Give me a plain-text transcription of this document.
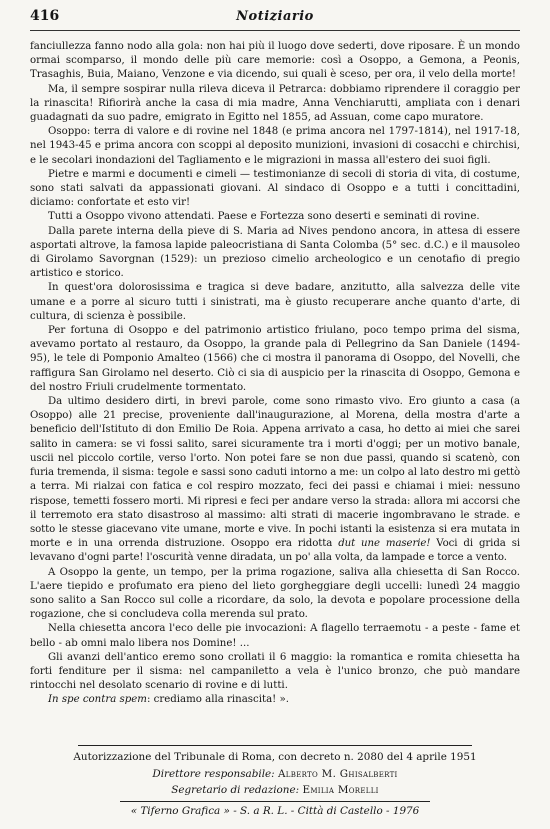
416	Notiziario

fanciullezza fanno nodo alla gola: non hai più il luogo dove sederti, dove riposare. È un mondo ormai scomparso, il mondo delle più care memorie: così a Osoppo, a Gemona, a Peonis, Trasaghis, Buia, Maiano, Venzone e via dicendo, sui quali è sceso, per ora, il velo della morte!

Ma, il sempre sospirar nulla rileva diceva il Petrarca: dobbiamo riprendere il coraggio per la rinascita! Rifiorirà anche la casa di mia madre, Anna Venchiarutti, ampliata con i denari guadagnati da suo padre, emigrato in Egitto nel 1855, ad Assuan, come capo muratore.

Osoppo: terra di valore e di rovine nel 1848 (e prima ancora nel 1797-1814), nel 1917-18, nel 1943-45 e prima ancora con scoppi al deposito munizioni, invasioni di cosacchi e chirchisi, e le secolari inondazioni del Tagliamento e le migrazioni in massa all'estero dei suoi figli.

Pietre e marmi e documenti e cimeli — testimonianze di secoli di storia di vita, di costume, sono stati salvati da appassionati giovani. Al sindaco di Osoppo e a tutti i concittadini, diciamo: confortate et esto vir!

Tutti a Osoppo vivono attendati. Paese e Fortezza sono deserti e seminati di rovine.

Dalla parete interna della pieve di S. Maria ad Nives pendono ancora, in attesa di essere asportati altrove, la famosa lapide paleocristiana di Santa Colomba (5° sec. d.C.) e il mausoleo di Girolamo Savorgnan (1529): un prezioso cimelio archeologico e un cenotafio di pregio artistico e storico.

In quest'ora dolorosissima e tragica si deve badare, anzitutto, alla salvezza delle vite umane e a porre al sicuro tutti i sinistrati, ma è giusto recuperare anche quanto d'arte, di cultura, di scienza è possibile.

Per fortuna di Osoppo e del patrimonio artistico friulano, poco tempo prima del sisma, avevamo portato al restauro, da Osoppo, la grande pala di Pellegrino da San Daniele (1494-95), le tele di Pomponio Amalteo (1566) che ci mostra il panorama di Osoppo, del Novelli, che raffigura San Girolamo nel deserto. Ciò ci sia di auspicio per la rinascita di Osoppo, Gemona e del nostro Friuli crudelmente tormentato.

Da ultimo desidero dirti, in brevi parole, come sono rimasto vivo. Ero giunto a casa (a Osoppo) alle 21 precise, proveniente dall'inaugurazione, al Morena, della mostra d'arte a beneficio dell'Istituto di don Emilio De Roia. Appena arrivato a casa, ho detto ai miei che sarei salito in camera: se vi fossi salito, sarei sicuramente tra i morti d'oggi; per un motivo banale, uscii nel piccolo cortile, verso l'orto. Non potei fare se non due passi, quando si scatenò, con furia tremenda, il sisma: tegole e sassi sono caduti intorno a me: un colpo al lato destro mi gettò a terra. Mi rialzai con fatica e col respiro mozzato, feci dei passi e chiamai i miei: nessuno rispose, temetti fossero morti. Mi ripresi e feci per andare verso la strada: allora mi accorsi che il terremoto era stato disastroso al massimo: alti strati di macerie ingombravano le strade. e sotto le stesse giacevano vite umane, morte e vive. In pochi istanti la esistenza si era mutata in morte e in una orrenda distruzione. Osoppo era ridotta dut une maserie! Voci di grida si levavano d'ogni parte! l'oscurità venne diradata, un po' alla volta, da lampade e torce a vento.

A Osoppo la gente, un tempo, per la prima rogazione, saliva alla chiesetta di San Rocco. L'aere tiepido e profumato era pieno del lieto gorgheggiare degli uccelli: lunedì 24 maggio sono salito a San Rocco sul colle a ricordare, da solo, la devota e popolare processione della rogazione, che si concludeva colla merenda sul prato.

Nella chiesetta ancora l'eco delle pie invocazioni: A flagello terraemotu - a peste - fame et bello - ab omni malo libera nos Domine! ...

Gli avanzi dell'antico eremo sono crollati il 6 maggio: la romantica e romita chiesetta ha forti fenditure per il sisma: nel campaniletto a vela è l'unico bronzo, che può mandare rintocchi nel desolato scenario di rovine e di lutti.

In spe contra spem: crediamo alla rinascita! ».

Autorizzazione del Tribunale di Roma, con decreto n. 2080 del 4 aprile 1951
Direttore responsabile: Alberto M. Ghisalberti
Segretario di redazione: Emilia Morelli
« Tiferno Grafica » - S. a R. L. - Città di Castello - 1976
